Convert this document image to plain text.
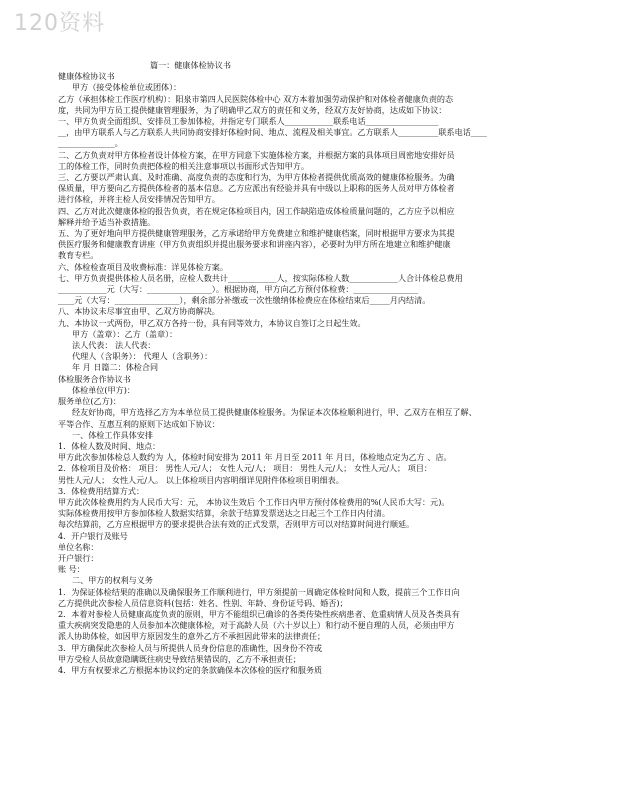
120资料

篇一：健康体检协议书

健康体检协议书

甲方（接受体检单位或团体）：

乙方（承担体检工作医疗机构）：阳泉市第四人民医院体检中心 双方本着加强劳动保护和对体检者健康负责的态

度，共同为甲方员工提供健康管理服务，为了明确甲乙双方的责任和义务，经双方友好协商，达成如下协议：

一、甲方负责全面组织、安排员工参加体检，并指定专门联系人____________联系电话__________________

__，由甲方联系人与乙方联系人共同协商安排好体检时间、地点、流程及相关事宜。乙方联系人__________联系电话____

______________。

二、乙方负责对甲方体检者设计体检方案，在甲方同意下实施体检方案，并根据方案的具体项目周密地安排好员

工的体检工作，同时负责把体检的相关注意事项以书面形式告知甲方。

三、乙方要以严肃认真、及时准确、高度负责的态度和行为，为甲方体检者提供优质高效的健康体检服务。为确

保质量，甲方要向乙方提供体检者的基本信息。乙方应派出有经验并具有中级以上职称的医务人员对甲方体检者

进行体检，并将主检人员安排情况告知甲方。

四、乙方对此次健康体检的报告负责，若在规定体检项目内，因工作缺陷造成体检质量问题的，乙方应予以相应

解释并给予适当补救措施。

五、为了更好地向甲方提供健康管理服务，乙方承诺给甲方免费建立和维护健康档案，同时根据甲方要求为其提

供医疗服务和健康教育讲座（甲方负责组织并提出服务要求和讲座内容），必要时为甲方所在地建立和维护健康

教育专栏。

六、体检检查项目及收费标准：详见体检方案。

七、甲方负责提供体检人员名册，应检人数共计____________人，按实际体检人数____________人合计体检总费用

____________元（大写：________________）。根据协商，甲方向乙方预付体检费：________________

____元（大写：________________），剩余部分补缴或一次性缴纳体检费应在体检结束后_____月内结清。

八、本协议未尽事宜由甲、乙双方协商解决。

九、本协议一式两份，甲乙双方各持一份，具有同等效力，本协议自签订之日起生效。

甲方（盖章）：乙方（盖章）：

法人代表： 法人代表：

代理人（含职务）： 代理人（含职务）：

年 月 日篇二：体检合同

体检服务合作协议书

体检单位(甲方)：

服务单位(乙方)：

经友好协商，甲方选择乙方为本单位员工提供健康体检服务。为保证本次体检顺利进行，甲、乙双方在相互了解、

平等合作、互惠互利的原则下达成如下协议：

一、体检工作具体安排

1．体检人数及时间、地点：

甲方此次参加体检总人数约为 人，体检时间安排为 2011 年 月日至 2011 年 月日，体检地点定为乙方 、店。

2．体检项目及价格： 项目： 男性人元/人； 女性人元/人； 项目： 男性人元/人； 女性人元/人； 项目：

男性人元/人； 女性人元/人。 以上体检项目内容明细详见附件体检项目明细表。

3．体检费用结算方式：

甲方此次体检费用约为人民币大写：元， 本协议生效后 个工作日内甲方预付体检费用的%(人民币大写：元)。

实际体检费用按甲方参加体检人数据实结算，余款于结算发票送达之日起三个工作日内付清。

每次结算前，乙方应根据甲方的要求提供合法有效的正式发票，否则甲方可以对结算时间进行顺延。

4．开户银行及账号

单位名称：

开户银行：

账 号：

二、甲方的权利与义务

1．为保证体检结果的准确以及确保服务工作顺利进行，甲方须提前一周确定体检时间和人数，提前三个工作日向

乙方提供此次参检人员信息资料(包括：姓名、性别、年龄、身份证号码、婚否)；

2．本着对参检人员健康高度负责的原则，甲方不能组织已确诊的各类传染性疾病患者、危重病情人员及各类具有

重大疾病突发隐患的人员参加本次健康体检，对于高龄人员（六十岁以上）和行动不便自理的人员，必须由甲方

派人协助体检，如因甲方原因发生的意外乙方不承担因此带来的法律责任；

3．甲方确保此次参检人员与所提供人员身份信息的准确性，因身份不符或

甲方受检人员故意隐瞒既往病史导致结果错误的，乙方不承担责任；

4．甲方有权要求乙方根据本协议约定的条款确保本次体检的医疗和服务质
